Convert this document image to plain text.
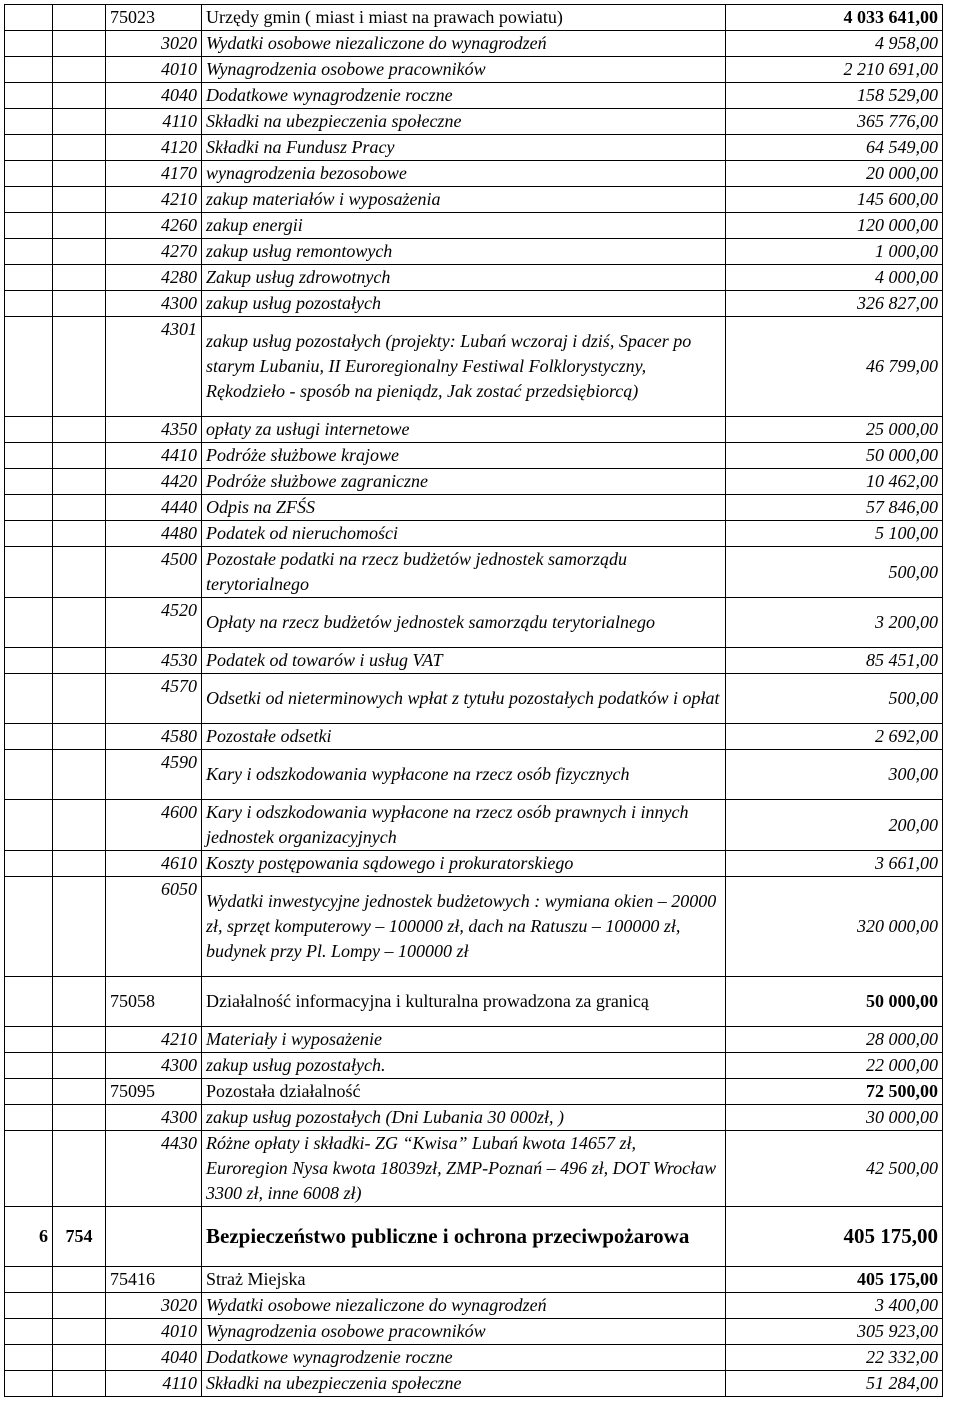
		75023	Urzędy gmin ( miast i miast na prawach powiatu)	4 033 641,00
		3020	Wydatki osobowe niezaliczone do wynagrodzeń	4 958,00
		4010	Wynagrodzenia osobowe pracowników	2 210 691,00
		4040	Dodatkowe wynagrodzenie roczne	158 529,00
		4110	Składki na ubezpieczenia społeczne	365 776,00
		4120	Składki na Fundusz Pracy	64 549,00
		4170	wynagrodzenia bezosobowe	20 000,00
		4210	zakup materiałów i wyposażenia	145 600,00
		4260	zakup energii	120 000,00
		4270	zakup usług remontowych	1 000,00
		4280	Zakup usług zdrowotnych	4 000,00
		4300	zakup usług pozostałych	326 827,00
		4301	zakup usług pozostałych (projekty: Lubań wczoraj i dziś, Spacer po starym Lubaniu, II Euroregionalny Festiwal Folklorystyczny, Rękodzieło - sposób na pieniądz, Jak zostać przedsiębiorcą)	46 799,00
		4350	opłaty za usługi internetowe	25 000,00
		4410	Podróże służbowe krajowe	50 000,00
		4420	Podróże służbowe zagraniczne	10 462,00
		4440	Odpis na ZFŚS	57 846,00
		4480	Podatek od nieruchomości	5 100,00
		4500	Pozostałe podatki na rzecz budżetów jednostek samorządu terytorialnego	500,00
		4520	Opłaty na rzecz budżetów jednostek samorządu terytorialnego	3 200,00
		4530	Podatek od towarów i usług VAT	85 451,00
		4570	Odsetki od nieterminowych wpłat z tytułu pozostałych podatków i opłat	500,00
		4580	Pozostałe odsetki	2 692,00
		4590	Kary i odszkodowania wypłacone na rzecz osób fizycznych	300,00
		4600	Kary i odszkodowania wypłacone na rzecz osób prawnych i innych jednostek organizacyjnych	200,00
		4610	Koszty postępowania sądowego i prokuratorskiego	3 661,00
		6050	Wydatki inwestycyjne jednostek budżetowych : wymiana okien – 20000 zł, sprzęt komputerowy – 100000 zł, dach na Ratuszu – 100000 zł, budynek przy Pl. Lompy – 100000 zł	320 000,00
		75058	Działalność informacyjna i kulturalna prowadzona za granicą	50 000,00
		4210	Materiały i wyposażenie	28 000,00
		4300	zakup usług pozostałych.	22 000,00
		75095	Pozostała działalność	72 500,00
		4300	zakup usług pozostałych (Dni Lubania 30 000zł, )	30 000,00
		4430	Różne opłaty i składki- ZG “Kwisa” Lubań kwota 14657 zł, Euroregion Nysa kwota 18039zł, ZMP-Poznań – 496 zł, DOT Wrocław 3300 zł, inne 6008 zł)	42 500,00
6	754		Bezpieczeństwo publiczne i ochrona przeciwpożarowa	405 175,00
		75416	Straż Miejska	405 175,00
		3020	Wydatki osobowe niezaliczone do wynagrodzeń	3 400,00
		4010	Wynagrodzenia osobowe pracowników	305 923,00
		4040	Dodatkowe wynagrodzenie roczne	22 332,00
		4110	Składki na ubezpieczenia społeczne	51 284,00
